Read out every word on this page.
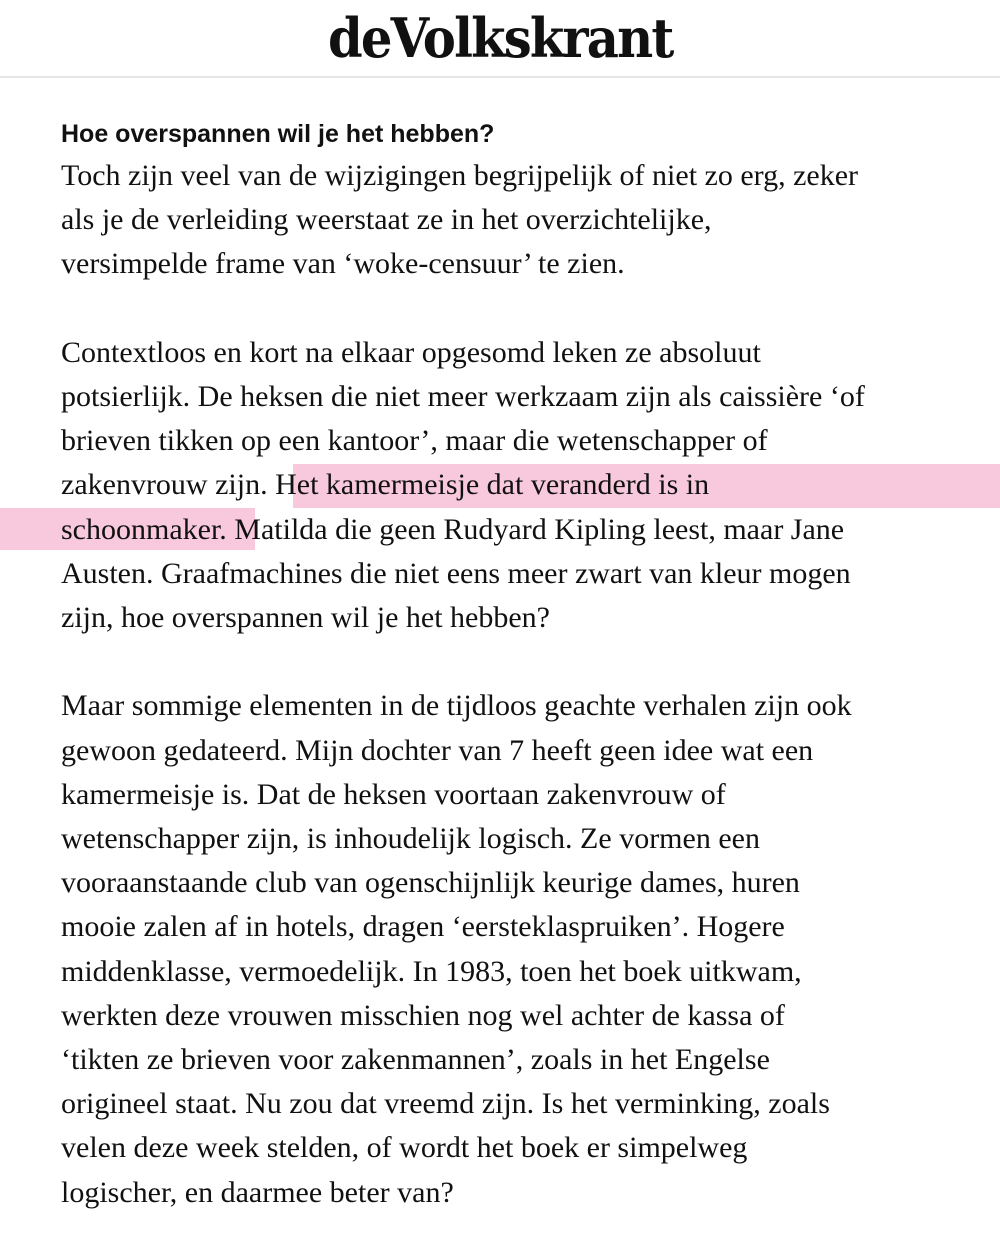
deVolkskrant
Hoe overspannen wil je het hebben?

Toch zijn veel van de wijzigingen begrijpelijk of niet zo erg, zeker
als je de verleiding weerstaat ze in het overzichtelijke,
versimpelde frame van ‘woke-censuur’ te zien.

Contextloos en kort na elkaar opgesomd leken ze absoluut
potsierlijk. De heksen die niet meer werkzaam zijn als caissière ‘of
brieven tikken op een kantoor’, maar die wetenschapper of
zakenvrouw zijn. Het kamermeisje dat veranderd is in
schoonmaker. Matilda die geen Rudyard Kipling leest, maar Jane
Austen. Graafmachines die niet eens meer zwart van kleur mogen
zijn, hoe overspannen wil je het hebben?

Maar sommige elementen in de tijdloos geachte verhalen zijn ook
gewoon gedateerd. Mijn dochter van 7 heeft geen idee wat een
kamermeisje is. Dat de heksen voortaan zakenvrouw of
wetenschapper zijn, is inhoudelijk logisch. Ze vormen een
vooraanstaande club van ogenschijnlijk keurige dames, huren
mooie zalen af in hotels, dragen ‘eersteklaspruiken’. Hogere
middenklasse, vermoedelijk. In 1983, toen het boek uitkwam,
werkten deze vrouwen misschien nog wel achter de kassa of
‘tikten ze brieven voor zakenmannen’, zoals in het Engelse
origineel staat. Nu zou dat vreemd zijn. Is het verminking, zoals
velen deze week stelden, of wordt het boek er simpelweg
logischer, en daarmee beter van?
